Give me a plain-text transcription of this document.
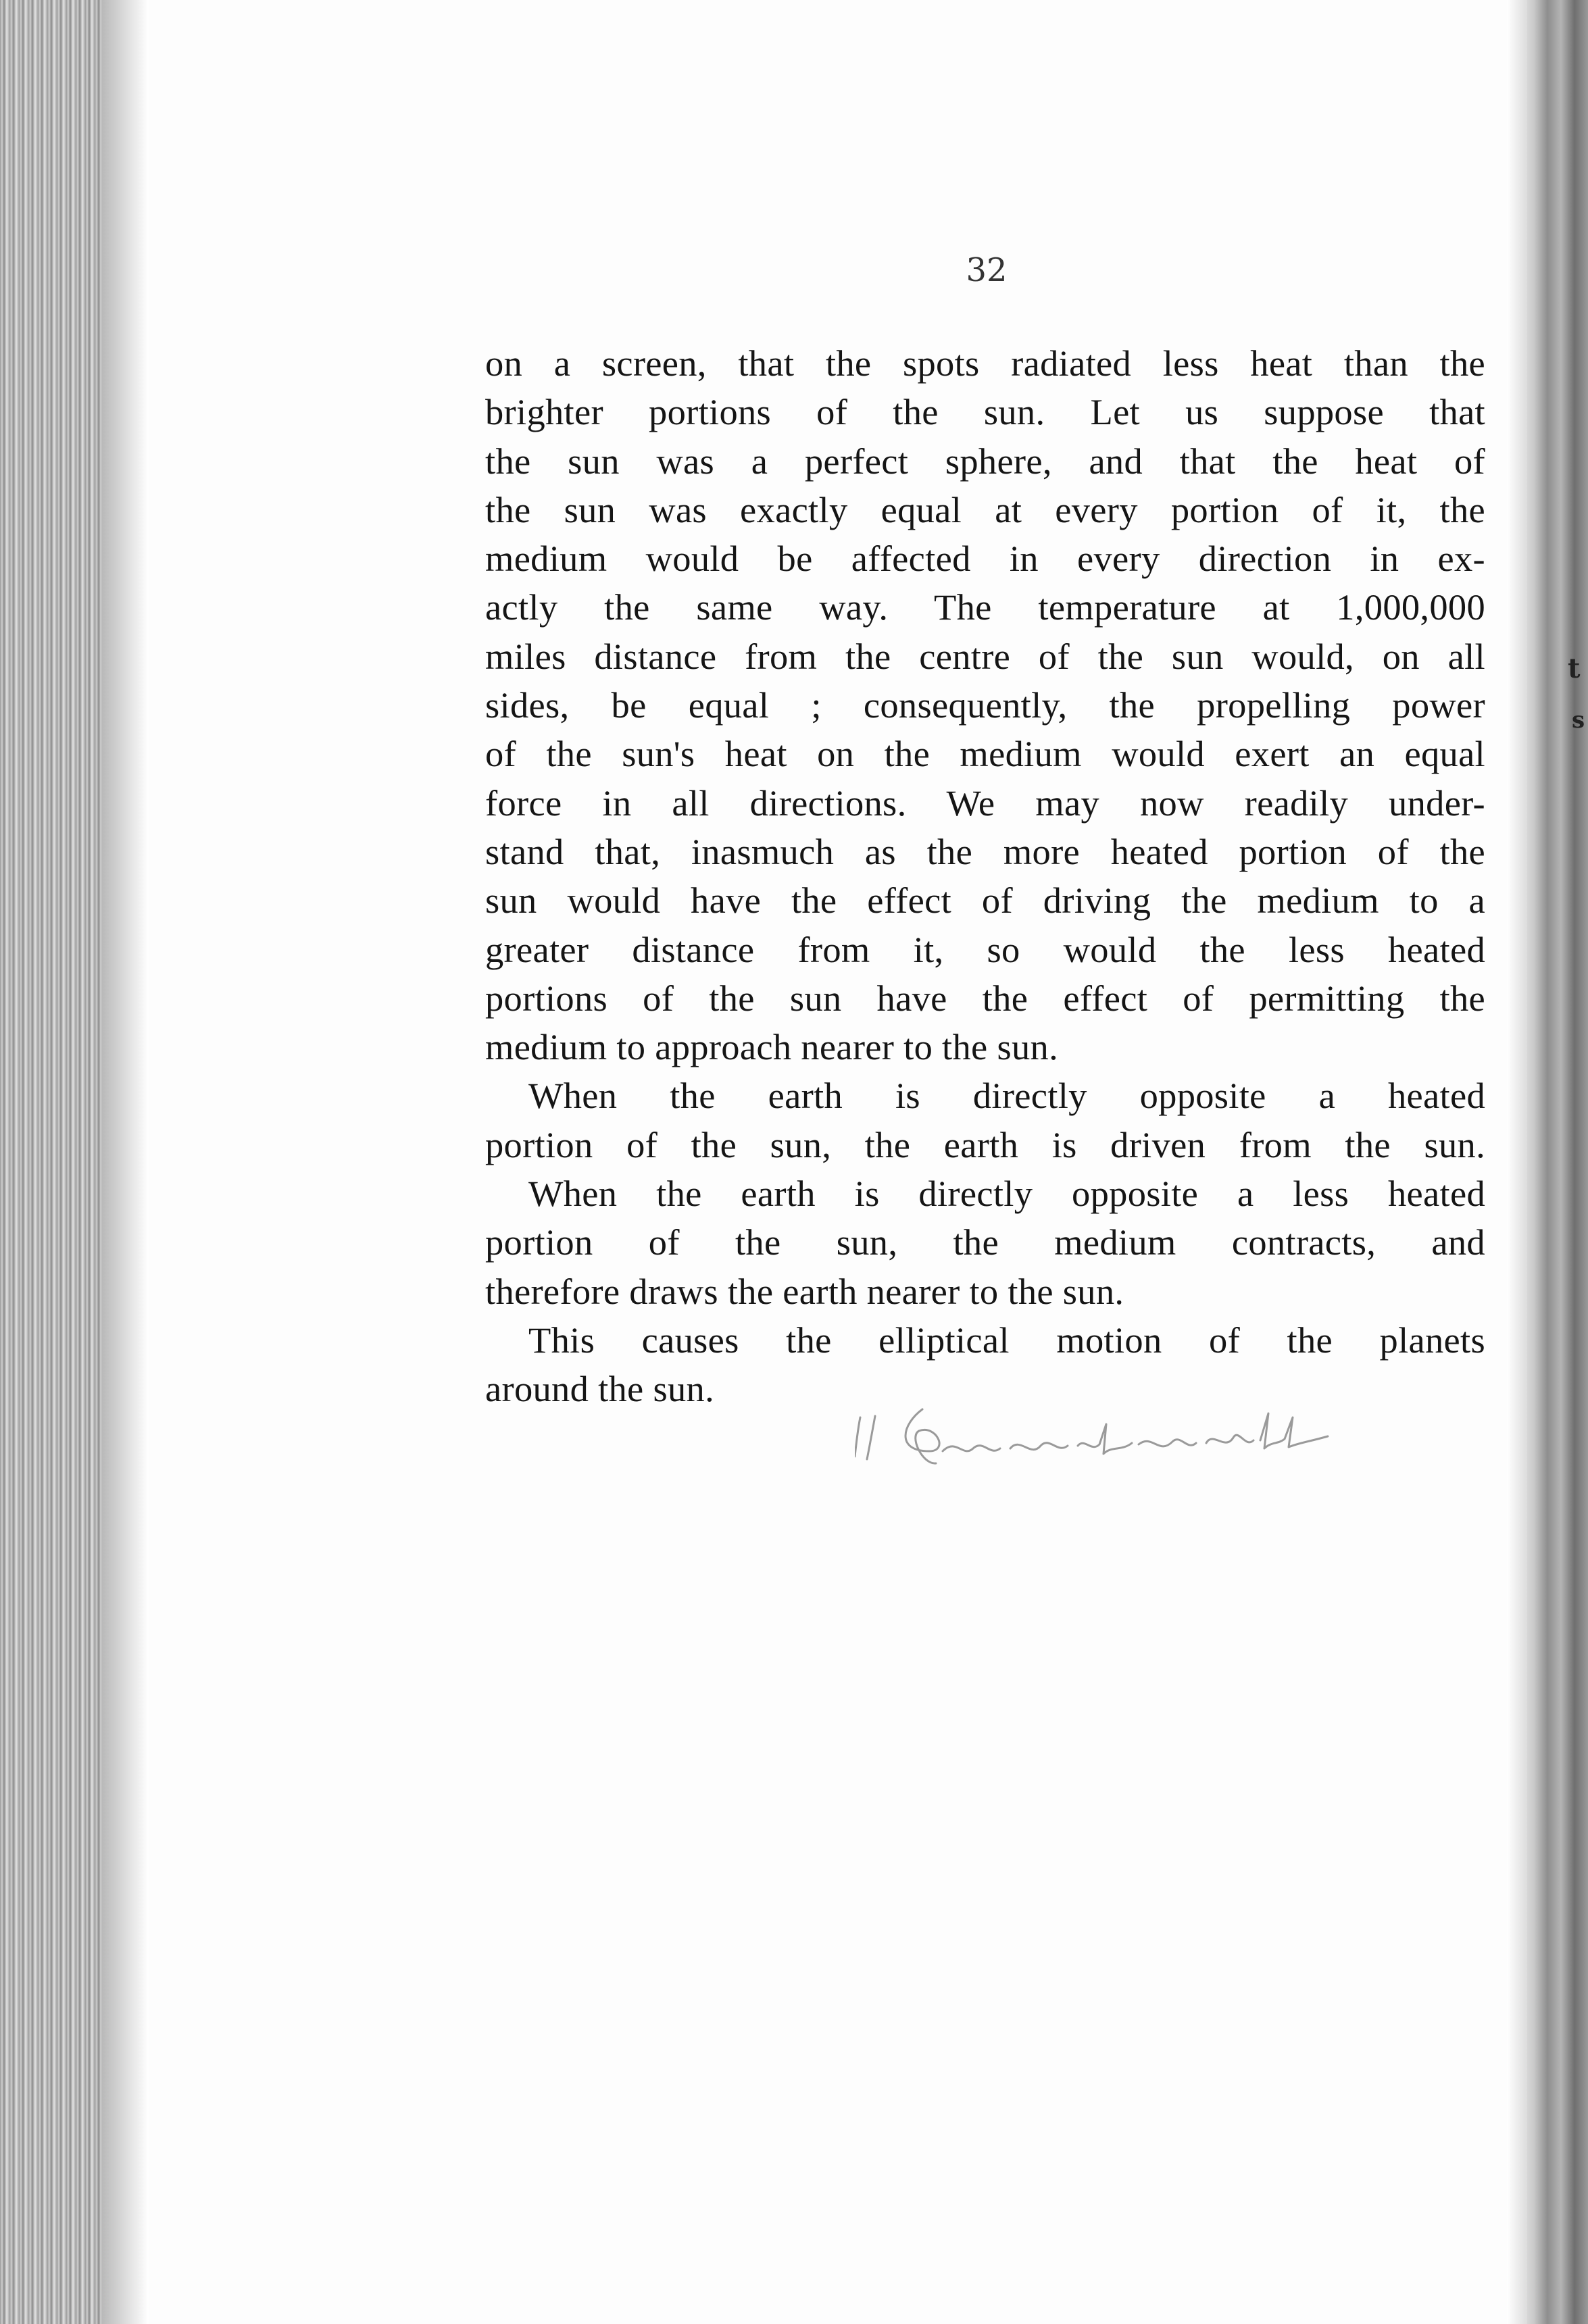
t
s
32
on a screen, that the spots radiated less heat than the
brighter portions of the sun. Let us suppose that
the sun was a perfect sphere, and that the heat of
the sun was exactly equal at every portion of it, the
medium would be affected in every direction in ex-
actly the same way. The temperature at 1,000,000
miles distance from the centre of the sun would, on all
sides, be equal ; consequently, the propelling power
of the sun's heat on the medium would exert an equal
force in all directions. We may now readily under-
stand that, inasmuch as the more heated portion of the
sun would have the effect of driving the medium to a
greater distance from it, so would the less heated
portions of the sun have the effect of permitting the
medium to approach nearer to the sun.
When the earth is directly opposite a heated
portion of the sun, the earth is driven from the sun.
When the earth is directly opposite a less heated
portion of the sun, the medium contracts, and
therefore draws the earth nearer to the sun.
This causes the elliptical motion of the planets
around the sun.
